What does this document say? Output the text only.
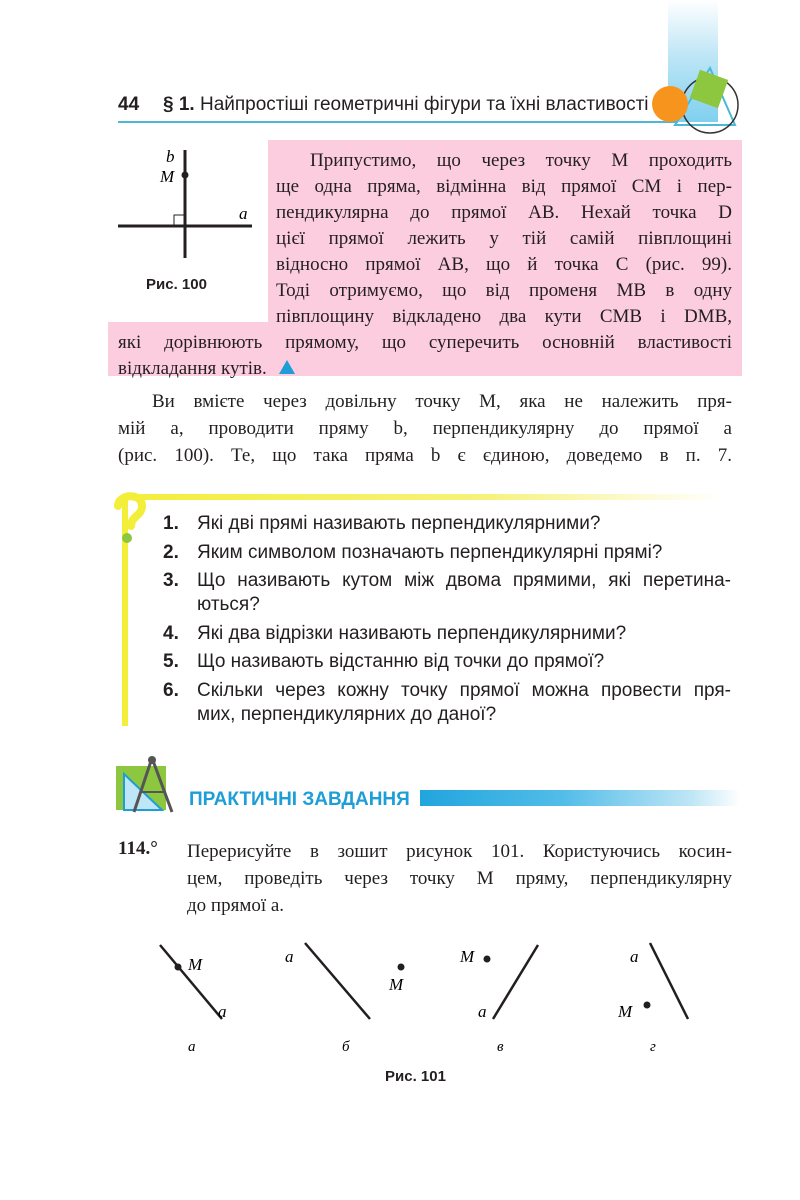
44 § 1. Найпростіші геометричні фігури та їхні властивості
b
M
a
Рис. 100
Припустимо, що через точку M проходить
ще одна пряма, відмінна від прямої CM і пер-
пендикулярна до прямої AB. Нехай точка D
цієї прямої лежить у тій самій півплощині
відносно прямої AB, що й точка C (рис. 99).
Тоді отримуємо, що від променя MB в одну
півплощину відкладено два кути CMB і DMB,
які дорівнюють прямому, що суперечить основній властивості
відкладання кутів.
Ви вмієте через довільну точку M, яка не належить пря-
мій a, проводити пряму b, перпендикулярну до прямої a
(рис. 100). Те, що така пряма b є єдиною, доведемо в п. 7.
1. Які дві прямі називають перпендикулярними?
2. Яким символом позначають перпендикулярні прямі?
3. Що називають кутом між двома прямими, які перетина-
ються?
4. Які два відрізки називають перпендикулярними?
5. Що називають відстанню від точки до прямої?
6. Скільки через кожну точку прямої можна провести пря-
мих, перпендикулярних до даної?
ПРАКТИЧНІ ЗАВДАННЯ
114.° Перерисуйте в зошит рисунок 101. Користуючись косин-
цем, проведіть через точку M пряму, перпендикулярну
до прямої a.
M
a
а
a
M
б
M
a
в
a
M
г
Рис. 101
